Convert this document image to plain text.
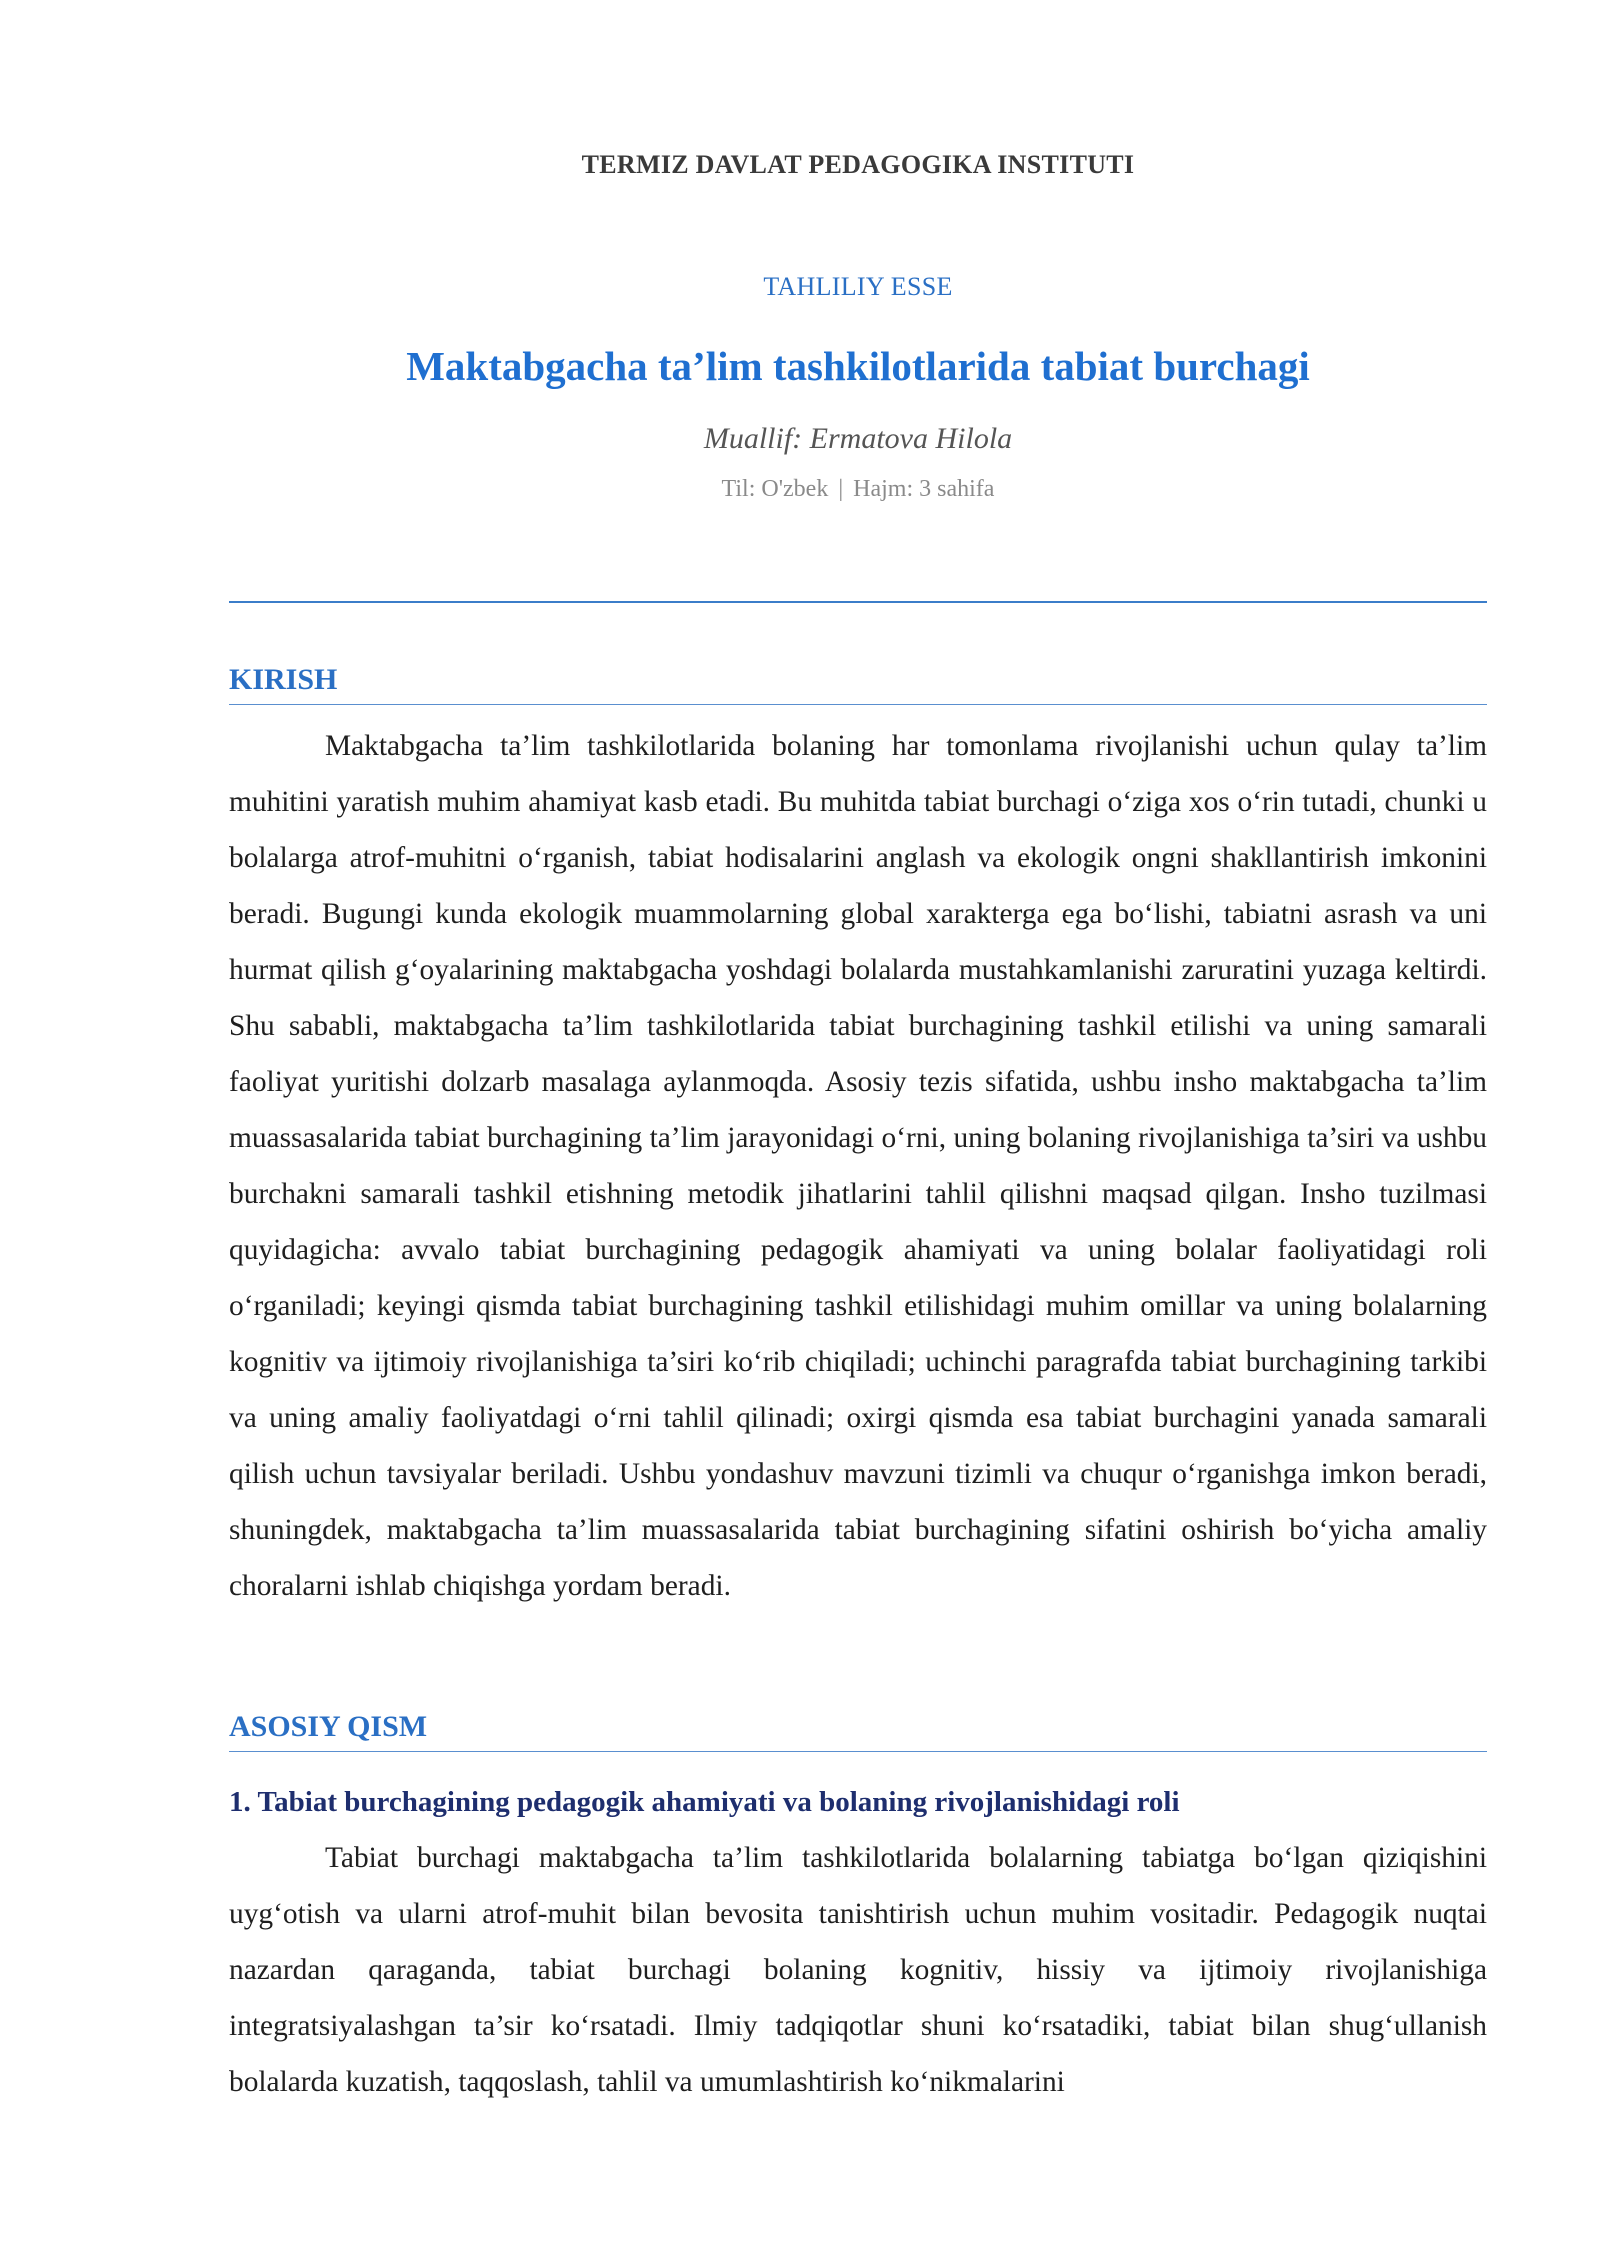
TERMIZ DAVLAT PEDAGOGIKA INSTITUTI
TAHLILIY ESSE
Maktabgacha ta’lim tashkilotlarida tabiat burchagi
Muallif: Ermatova Hilola
Til: O'zbek | Hajm: 3 sahifa
KIRISH

Maktabgacha ta’lim tashkilotlarida bolaning har tomonlama rivojlanishi uchun qulay ta’lim muhitini yaratish muhim ahamiyat kasb etadi. Bu muhitda tabiat burchagi o‘ziga xos o‘rin tutadi, chunki u bolalarga atrof-muhitni o‘rganish, tabiat hodisalarini anglash va ekologik ongni shakllantirish imkonini beradi. Bugungi kunda ekologik muammolarning global xarakterga ega bo‘lishi, tabiatni asrash va uni hurmat qilish g‘oyalarining maktabgacha yoshdagi bolalarda mustahkamlanishi zaruratini yuzaga keltirdi. Shu sababli, maktabgacha ta’lim tashkilotlarida tabiat burchagining tashkil etilishi va uning samarali faoliyat yuritishi dolzarb masalaga aylanmoqda. Asosiy tezis sifatida, ushbu insho maktabgacha ta’lim muassasalarida tabiat burchagining ta’lim jarayonidagi o‘rni, uning bolaning rivojlanishiga ta’siri va ushbu burchakni samarali tashkil etishning metodik jihatlarini tahlil qilishni maqsad qilgan. Insho tuzilmasi quyidagicha: avvalo tabiat burchagining pedagogik ahamiyati va uning bolalar faoliyatidagi roli o‘rganiladi; keyingi qismda tabiat burchagining tashkil etilishidagi muhim omillar va uning bolalarning kognitiv va ijtimoiy rivojlanishiga ta’siri ko‘rib chiqiladi; uchinchi paragrafda tabiat burchagining tarkibi va uning amaliy faoliyatdagi o‘rni tahlil qilinadi; oxirgi qismda esa tabiat burchagini yanada samarali qilish uchun tavsiyalar beriladi. Ushbu yondashuv mavzuni tizimli va chuqur o‘rganishga imkon beradi, shuningdek, maktabgacha ta’lim muassasalarida tabiat burchagining sifatini oshirish bo‘yicha amaliy choralarni ishlab chiqishga yordam beradi.

ASOSIY QISM

1. Tabiat burchagining pedagogik ahamiyati va bolaning rivojlanishidagi roli

Tabiat burchagi maktabgacha ta’lim tashkilotlarida bolalarning tabiatga bo‘lgan qiziqishini uyg‘otish va ularni atrof-muhit bilan bevosita tanishtirish uchun muhim vositadir. Pedagogik nuqtai nazardan qaraganda, tabiat burchagi bolaning kognitiv, hissiy va ijtimoiy rivojlanishiga integratsiyalashgan ta’sir ko‘rsatadi. Ilmiy tadqiqotlar shuni ko‘rsatadiki, tabiat bilan shug‘ullanish bolalarda kuzatish, taqqoslash, tahlil va umumlashtirish ko‘nikmalarini
